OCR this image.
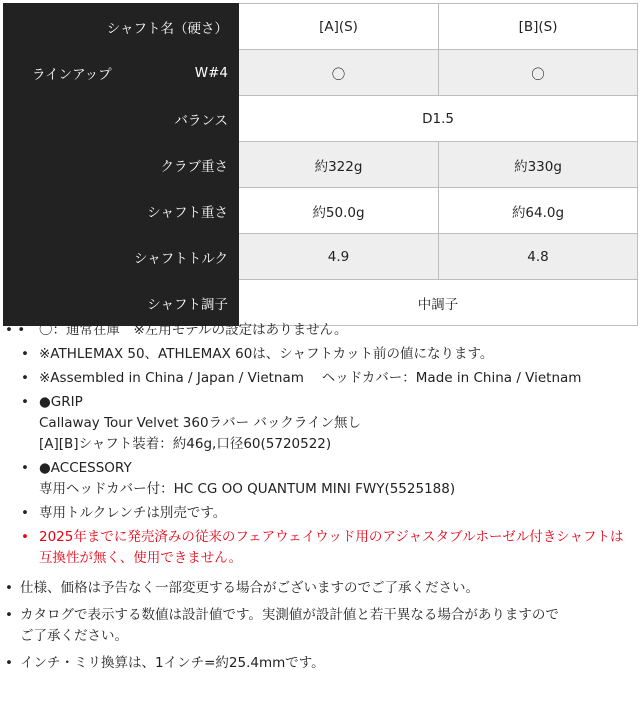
シャフト名（硬さ）		[A](S)	[B](S)
ラインアップ	W#4	〇	〇
バランス		D1.5	
クラブ重さ		約322g	約330g
シャフト重さ		約50.0g	約64.0g
シャフトトルク		4.9	4.8
シャフト調子		中調子	
• • 〇：通常在庫　※左用モデルの設定はありません。
• ※ATHLEMAX 50、ATHLEMAX 60は、シャフトカット前の値になります。
• ※Assembled in China / Japan / Vietnam　 ヘッドカバー：Made in China / Vietnam
• ●GRIP
Callaway Tour Velvet 360ラバー バックライン無し
[A][B]シャフト装着：約46g,口径60(5720522)
• ●ACCESSORY
専用ヘッドカバー付：HC CG OO QUANTUM MINI FWY(5525188)
• 専用トルクレンチは別売です。
• 2025年までに発売済みの従来のフェアウェイウッド用のアジャスタブルホーゼル付きシャフトは
互換性が無く、使用できません。
• 仕様、価格は予告なく一部変更する場合がございますのでご了承ください。
• カタログで表示する数値は設計値です。実測値が設計値と若干異なる場合がありますので
ご了承ください。
• インチ・ミリ換算は、1インチ=約25.4mmです。
